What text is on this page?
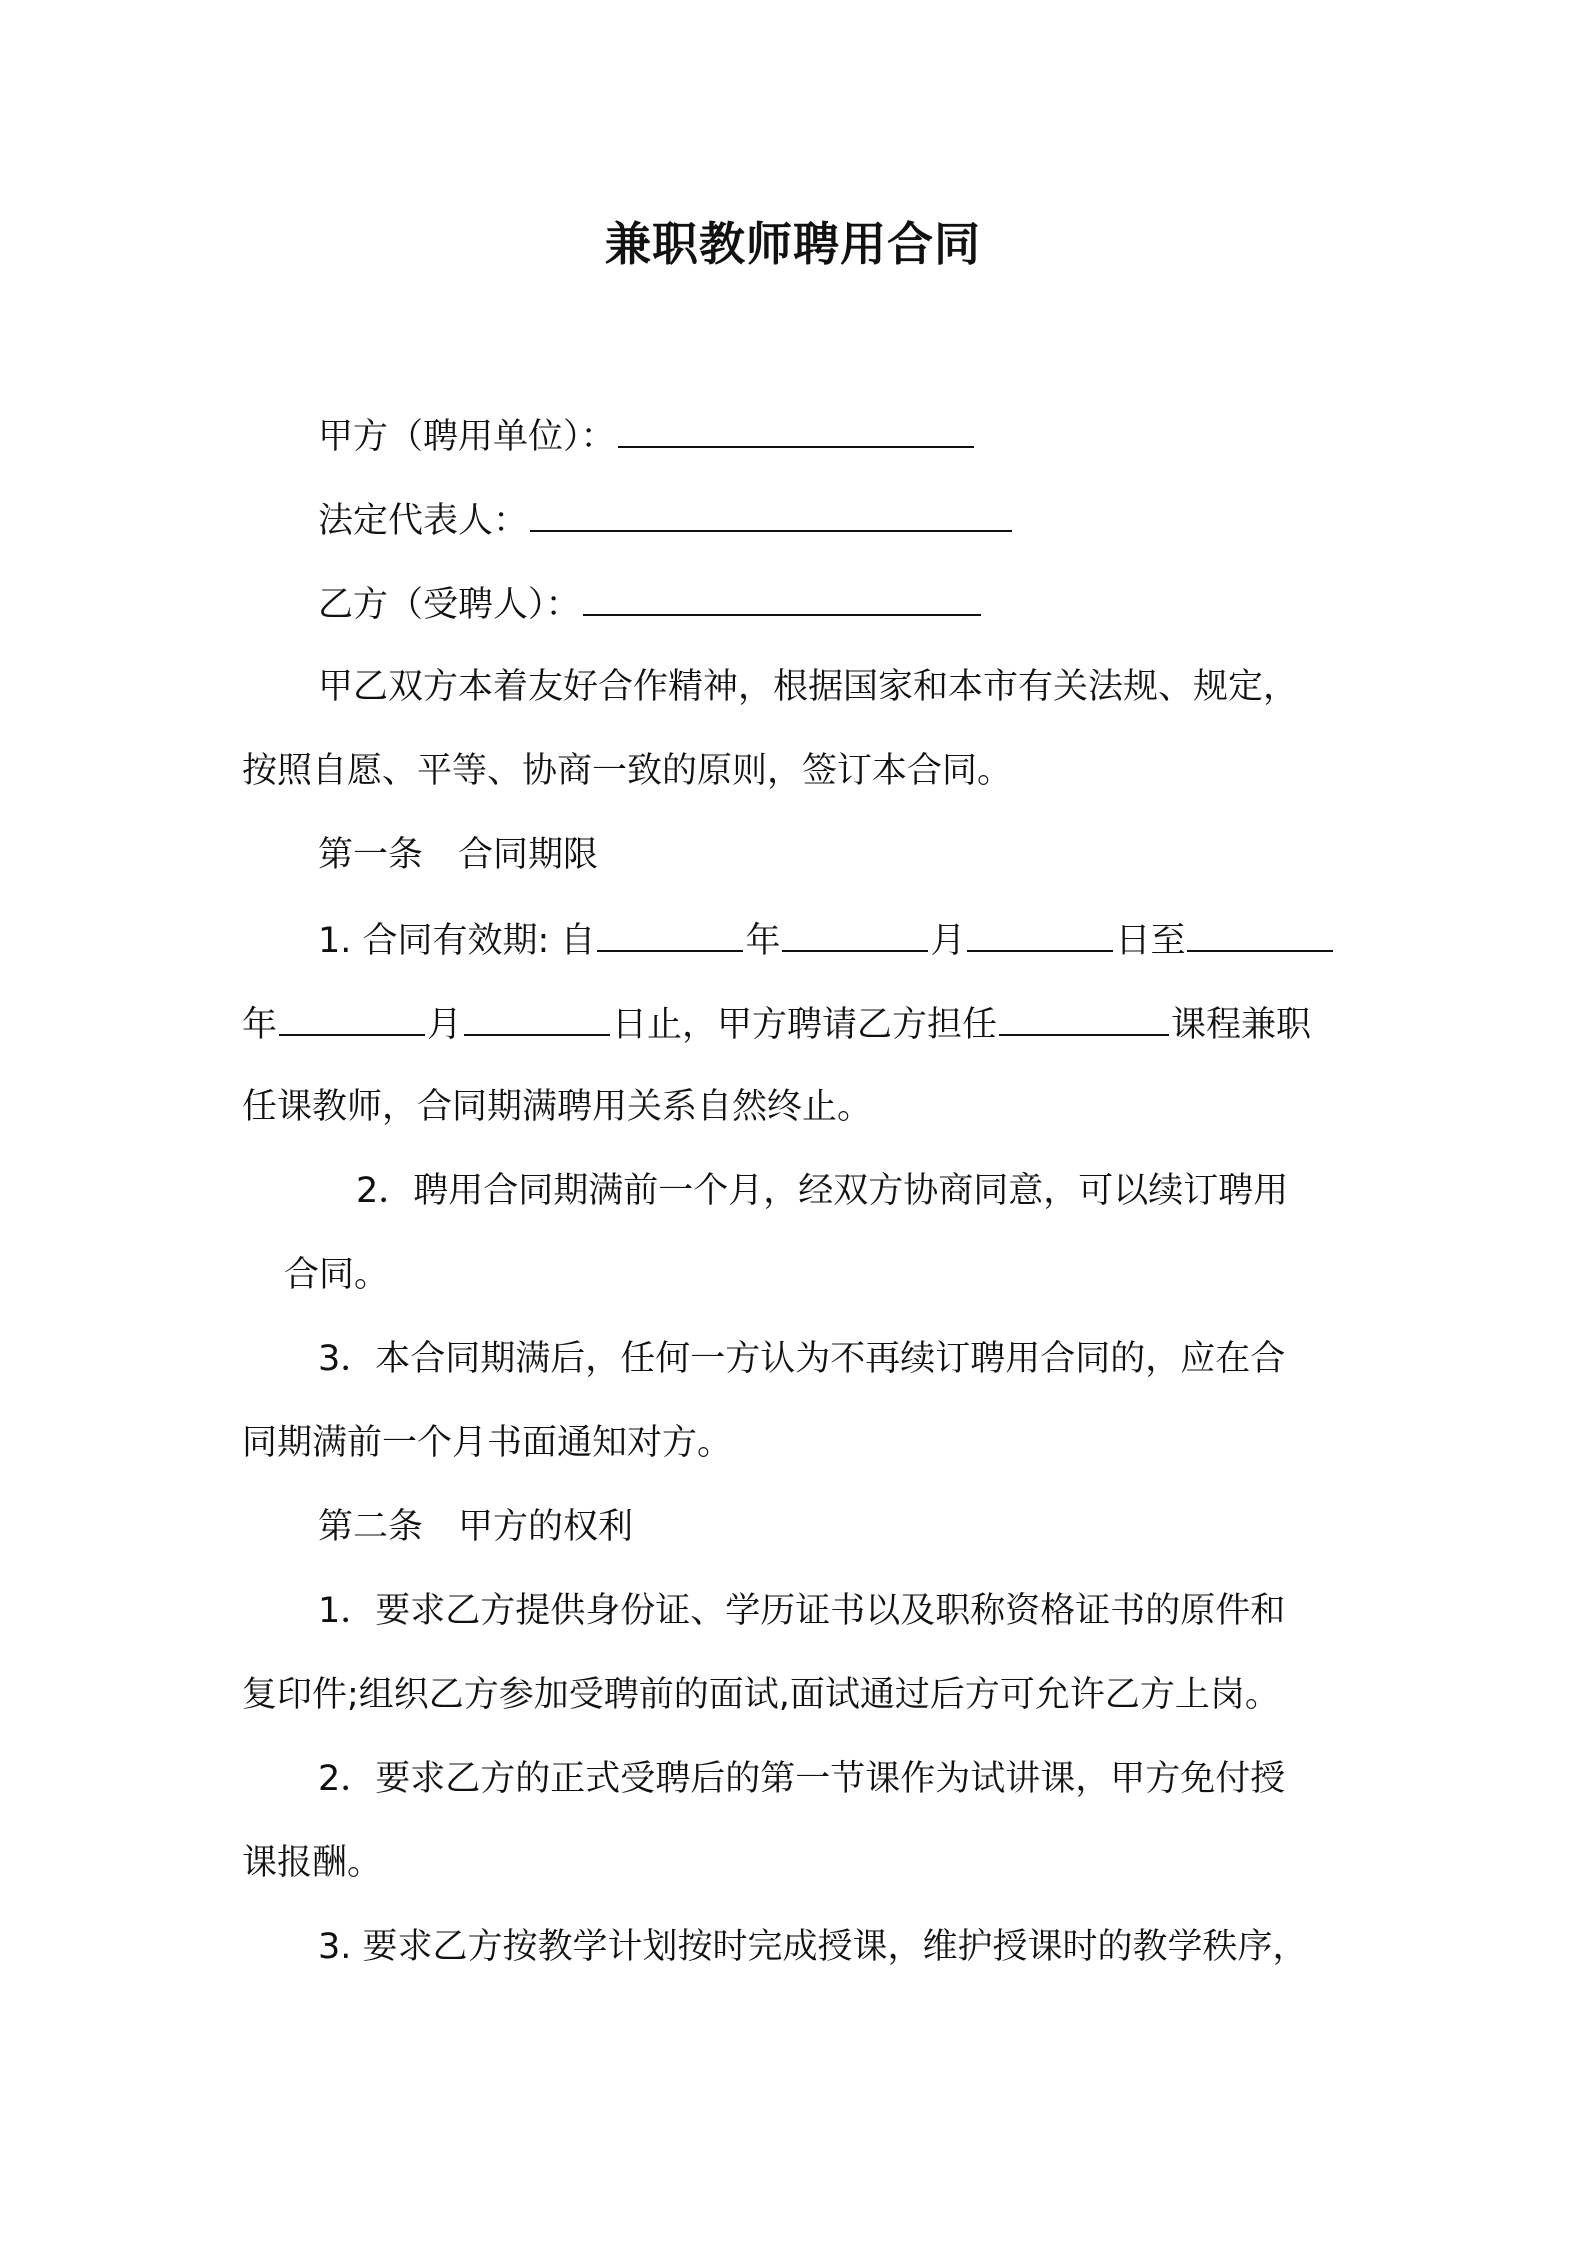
兼职教师聘用合同
甲方（聘用单位）：
法定代表人：
乙方（受聘人）：
甲乙双方本着友好合作精神，根据国家和本市有关法规、规定，
按照自愿、平等、协商一致的原则，签订本合同。
第一条　合同期限
1. 合同有效期: 自	年	月	日至
年	月	日止，甲方聘请乙方担任	课程兼职
任课教师，合同期满聘用关系自然终止。
2．聘用合同期满前一个月，经双方协商同意，可以续订聘用
合同。
3．本合同期满后，任何一方认为不再续订聘用合同的，应在合
同期满前一个月书面通知对方。
第二条　甲方的权利
1．要求乙方提供身份证、学历证书以及职称资格证书的原件和
复印件;组织乙方参加受聘前的面试,面试通过后方可允许乙方上岗。
2．要求乙方的正式受聘后的第一节课作为试讲课，甲方免付授
课报酬。
3. 要求乙方按教学计划按时完成授课，维护授课时的教学秩序，
